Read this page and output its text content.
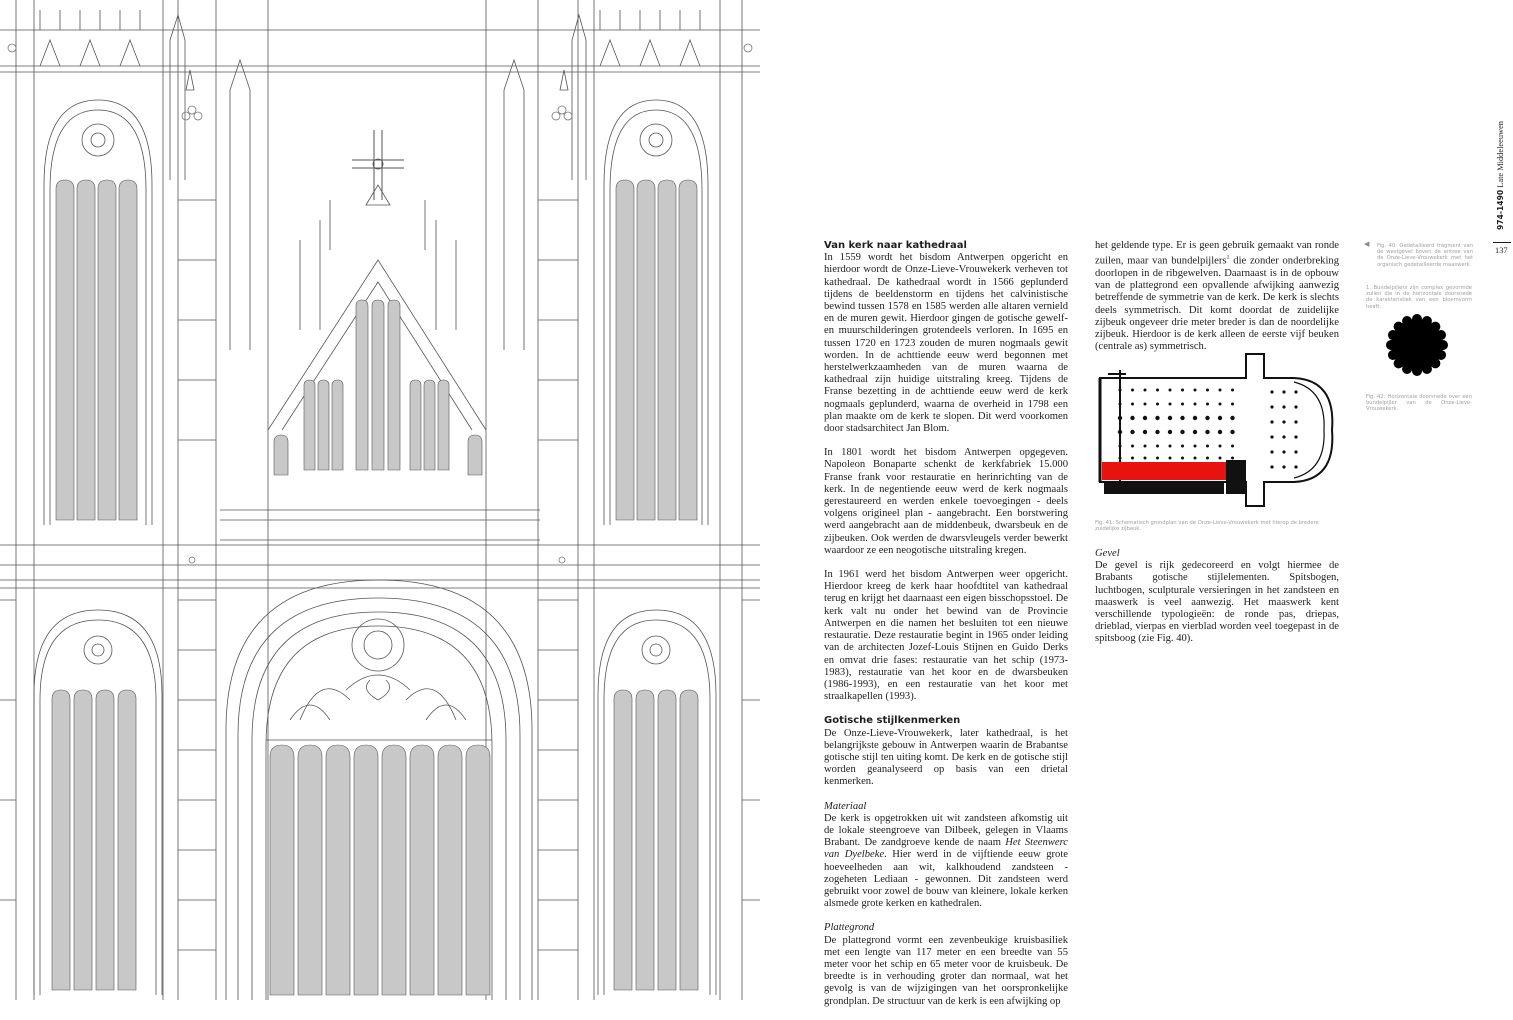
Van kerk naar kathedraal

In 1559 wordt het bisdom Antwerpen opgericht en hierdoor wordt de Onze-Lieve-Vrouwekerk verheven tot kathedraal. De kathedraal wordt in 1566 geplunderd tijdens de beeldenstorm en tijdens het calvinistische bewind tussen 1578 en 1585 werden alle altaren vernield en de muren gewit. Hierdoor gingen de gotische gewelf- en muurschilderingen grotendeels verloren. In 1695 en tussen 1720 en 1723 zouden de muren nogmaals gewit worden. In de achttiende eeuw werd begonnen met herstelwerkzaamheden van de muren waarna de kathedraal zijn huidige uitstraling kreeg. Tijdens de Franse bezetting in de achttiende eeuw werd de kerk nogmaals geplunderd, waarna de overheid in 1798 een plan maakte om de kerk te slopen. Dit werd voorkomen door stadsarchitect Jan Blom.

In 1801 wordt het bisdom Antwerpen opgegeven. Napoleon Bonaparte schenkt de kerkfabriek 15.000 Franse frank voor restauratie en herinrichting van de kerk. In de negentiende eeuw werd de kerk nogmaals gerestaureerd en werden enkele toevoegingen - deels volgens origineel plan - aangebracht. Een borstwering werd aangebracht aan de middenbeuk, dwarsbeuk en de zijbeuken. Ook werden de dwarsvleugels verder bewerkt waardoor ze een neogotische uitstraling kregen.

In 1961 werd het bisdom Antwerpen weer opgericht. Hierdoor kreeg de kerk haar hoofdtitel van kathedraal terug en krijgt het daarnaast een eigen bisschopsstoel. De kerk valt nu onder het bewind van de Provincie Antwerpen en die namen het besluiten tot een nieuwe restauratie. Deze restauratie begint in 1965 onder leiding van de architecten Jozef-Louis Stijnen en Guido Derks en omvat drie fases: restauratie van het schip (1973-1983), restauratie van het koor en de dwarsbeuken (1986-1993), en een restauratie van het koor met straalkapellen (1993).

Gotische stijlkenmerken

De Onze-Lieve-Vrouwekerk, later kathedraal, is het belangrijkste gebouw in Antwerpen waarin de Brabantse gotische stijl ten uiting komt. De kerk en de gotische stijl worden geanalyseerd op basis van een drietal kenmerken.

Materiaal

De kerk is opgetrokken uit wit zandsteen afkomstig uit de lokale steengroeve van Dilbeek, gelegen in Vlaams Brabant. De zandgroeve kende de naam Het Steenwerc van Dyelbeke. Hier werd in de vijftiende eeuw grote hoeveelheden aan wit, kalkhoudend zandsteen - zogeheten Lediaan - gewonnen. Dit zandsteen werd gebruikt voor zowel de bouw van kleinere, lokale kerken alsmede grote kerken en kathedralen.

Plattegrond

De plattegrond vormt een zevenbeukige kruisbasiliek met een lengte van 117 meter en een breedte van 55 meter voor het schip en 65 meter voor de kruisbeuk. De breedte is in verhouding groter dan normaal, wat het gevolg is van de wijzigingen van het oorspronkelijke grondplan. De structuur van de kerk is een afwijking op

het geldende type. Er is geen gebruik gemaakt van ronde zuilen, maar van bundelpijlers$^1$ die zonder onderbreking doorlopen in de ribgewelven. Daarnaast is in de opbouw van de plattegrond een opvallende afwijking aanwezig betreffende de symmetrie van de kerk. De kerk is slechts deels symmetrisch. Dit komt doordat de zuidelijke zijbeuk ongeveer drie meter breder is dan de noordelijke zijbeuk. Hierdoor is de kerk alleen de eerste vijf beuken (centrale as) symmetrisch.

Fig. 41: Schematisch grondplan van de Onze-Lieve-Vrouwekerk met hierop de bredere zuidelijke zijbeuk.
Gevel

De gevel is rijk gedecoreerd en volgt hiermee de Brabants gotische stijlelementen. Spitsbogen, luchtbogen, sculpturale versieringen in het zandsteen en maaswerk is veel aanwezig. Het maaswerk kent verschillende typologieën: de ronde pas, driepas, drieblad, vierpas en vierblad worden veel toegepast in de spitsboog (zie Fig. 40).

◀ Fig. 40: Gedetailleerd fragment van de westgevel boven de entree van de Onze-Lieve-Vrouwekerk met het organisch gedetailleerde maaswerk.
1. Bundelpijlers zijn complex gevormde zuilen die in de horizontale doorsnede de karakteristiek van een bloemvorm heeft.
Fig. 42: Horizontale doorsnede over een bundelpijler van de Onze-Lieve-Vrouwekerk.
974-1490 Late Middeleeuwen
137
